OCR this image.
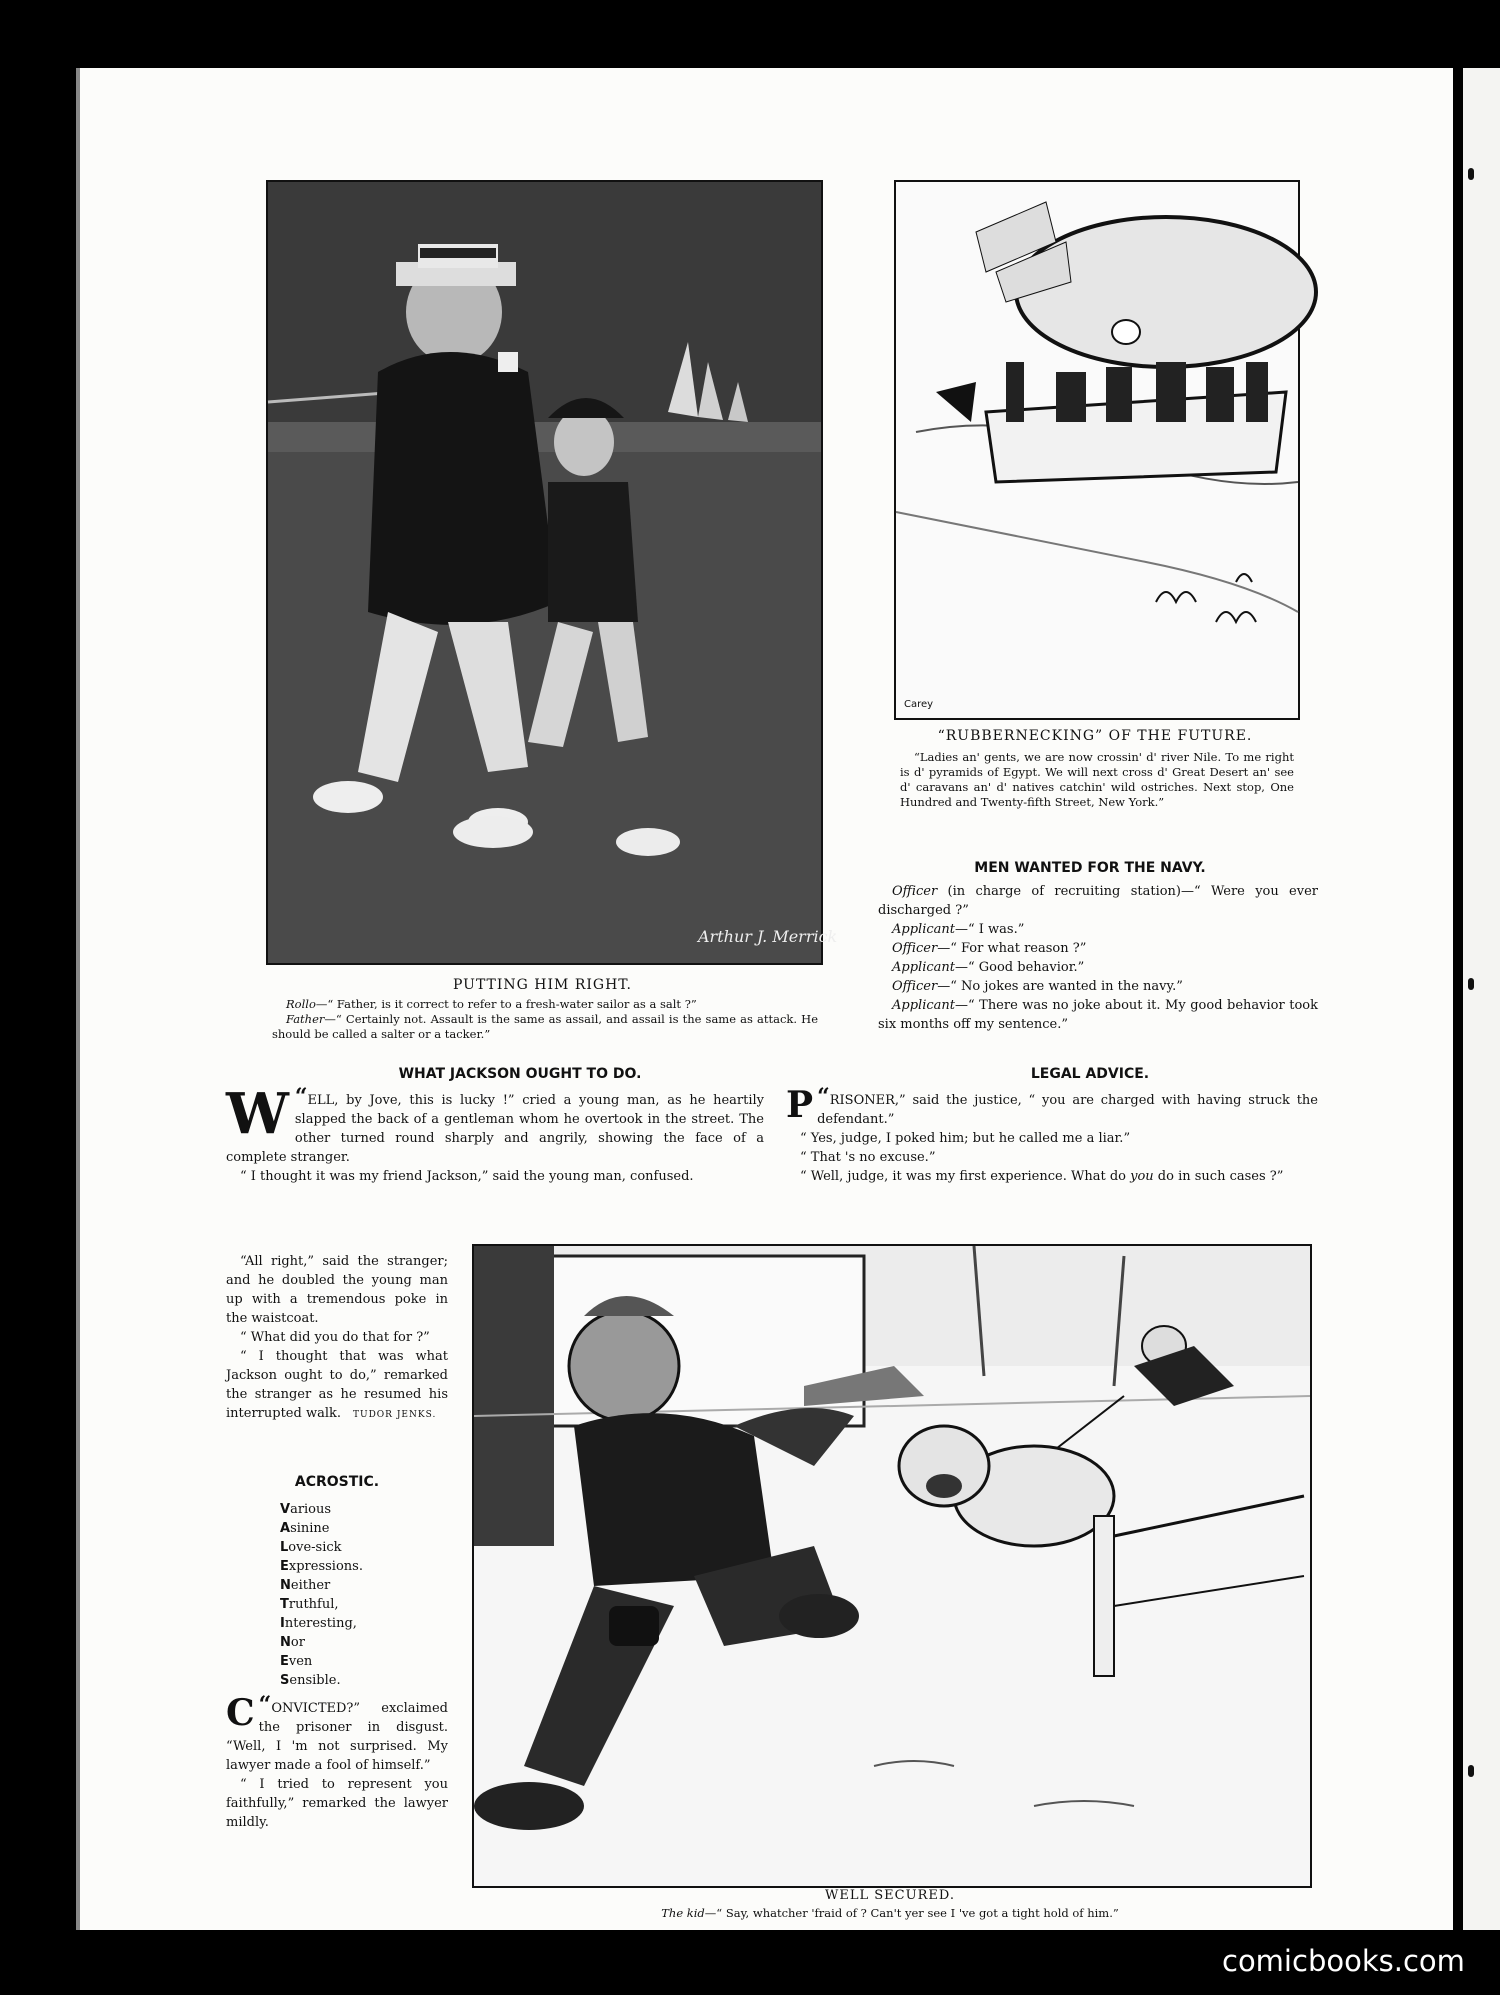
Arthur J. Merrick
PUTTING HIM RIGHT.
Rollo—“ Father, is it correct to refer to a fresh-water sailor as a salt ?”
Father—“ Certainly not. Assault is the same as assail, and assail is the same as attack. He should be called a salter or a tacker.”
Carey
“RUBBERNECKING” OF THE FUTURE.
“Ladies an' gents, we are now crossin' d' river Nile. To me right is d' pyramids of Egypt. We will next cross d' Great Desert an' see d' caravans an' d' natives catchin' wild ostriches. Next stop, One Hundred and Twenty-fifth Street, New York.”
MEN WANTED FOR THE NAVY.

Officer (in charge of recruiting station)—“ Were you ever discharged ?”

Applicant—“ I was.”

Officer—“ For what reason ?”

Applicant—“ Good behavior.”

Officer—“ No jokes are wanted in the navy.”

Applicant—“ There was no joke about it. My good behavior took six months off my sentence.”

WHAT JACKSON OUGHT TO DO.

“
W ELL, by Jove, this is lucky !” cried a young man, as he heartily slapped the back of a gentleman whom he overtook in the street. The other turned round sharply and angrily, showing the face of a complete stranger.

“ I thought it was my friend Jackson,” said the young man, confused.

“All right,” said the stranger; and he doubled the young man up with a tremendous poke in the waistcoat.

“ What did you do that for ?”

“ I thought that was what Jackson ought to do,” remarked the stranger as he resumed his interrupted walk. TUDOR JENKS.

LEGAL ADVICE.

“
P RISONER,” said the justice, “ you are charged with having struck the defendant.”

“ Yes, judge, I poked him; but he called me a liar.”

“ That 's no excuse.”

“ Well, judge, it was my first experience. What do you do in such cases ?”

ACROSTIC.
Various
Asinine
Love-sick
Expressions.
Neither
Truthful,
Interesting,
Nor
Even
Sensible.

“
C ONVICTED?” exclaimed the prisoner in disgust. “Well, I 'm not surprised. My lawyer made a fool of himself.”

“ I tried to represent you faithfully,” remarked the lawyer mildly.

WELL SECURED.
The kid—“ Say, whatcher 'fraid of ? Can't yer see I 've got a tight hold of him.”
comicbooks.com
